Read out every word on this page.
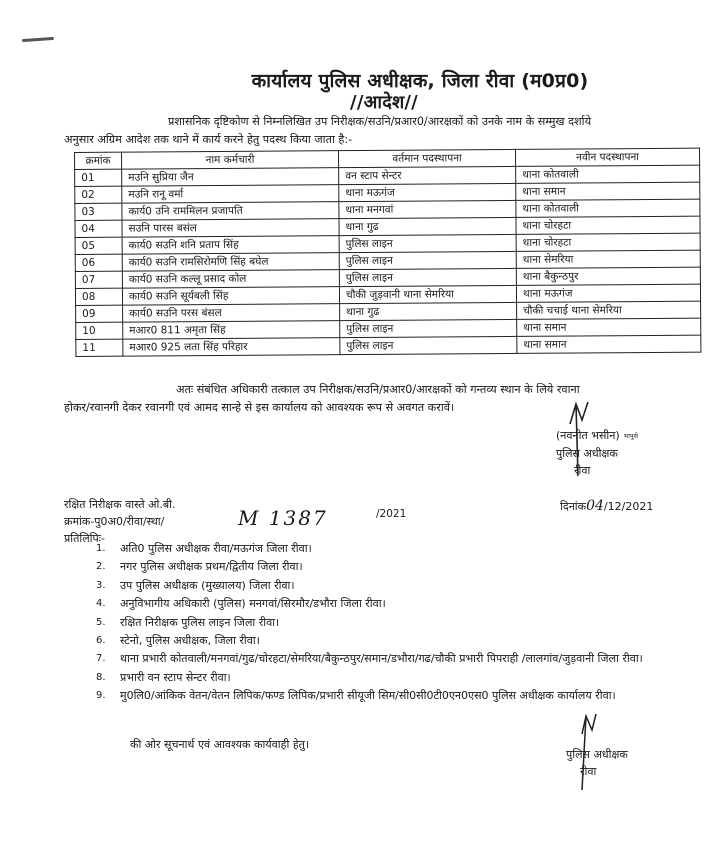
कार्यालय पुलिस अधीक्षक, जिला रीवा (म0प्र0)
//आदेश//
प्रशासनिक दृष्टिकोण से निम्नलिखित उप निरीक्षक/सउनि/प्रआर0/आरक्षकों को उनके नाम के सम्मुख दर्शाये
अनुसार अग्रिम आदेश तक थाने में कार्य करने हेतु पदस्थ किया जाता है:-
क्रमांक	नाम कर्मचारी	वर्तमान पदस्थापना	नवीन पदस्थापना
01	मउनि सुप्रिया जैन	वन स्टाप सेन्टर	थाना कोतवाली
02	मउनि रानू वर्मा	थाना मऊगंज	थाना समान
03	कार्य0 उनि राममिलन प्रजापति	थाना मनगवां	थाना कोतवाली
04	सउनि पारस बसंल	थाना गुढ	थाना चोरहटा
05	कार्य0 सउनि शनि प्रताप सिंह	पुलिस लाइन	थाना चोरहटा
06	कार्य0 सउनि रामसिरोमणि सिंह बघेल	पुलिस लाइन	थाना सेमरिया
07	कार्य0 सउनि कल्लू प्रसाद कोल	पुलिस लाइन	थाना बैकुन्ठपुर
08	कार्य0 सउनि सूर्यबली सिंह	चौकी जुड़वानी थाना सेमरिया	थाना मऊगंज
09	कार्य0 सउनि परस बंसल	थाना गुढ	चौकी चचाई थाना सेमरिया
10	मआर0 811 अमृता सिंह	पुलिस लाइन	थाना समान
11	मआर0 925 लता सिंह परिहार	पुलिस लाइन	थाना समान
अतः संबंधित अधिकारी तत्काल उप निरीक्षक/सउनि/प्रआर0/आरक्षकों को गन्तव्य स्थान के लिये रवाना
होकर/रवानगी देकर रवानगी एवं आमद सान्हे से इस कार्यालय को आवश्यक रूप से अवगत करावें।
(नवनीत भसीन) भापुसे
पुलिस अधीक्षक
रीवा
रक्षित निरीक्षक वास्ते ओ.बी.
क्रमांक-पु0अ0/रीवा/स्था/	M 1387	/2021
दिनांक04/12/2021
प्रतिलिपिः-
1. अति0 पुलिस अधीक्षक रीवा/मऊगंज जिला रीवा।
2. नगर पुलिस अधीक्षक प्रथम/द्वितीय जिला रीवा।
3. उप पुलिस अधीक्षक (मुख्यालय) जिला रीवा।
4. अनुविभागीय अधिकारी (पुलिस) मनगवां/सिरमौर/डभौरा जिला रीवा।
5. रक्षित निरीक्षक पुलिस लाइन जिला रीवा।
6. स्टेनो, पुलिस अधीक्षक, जिला रीवा।
7. थाना प्रभारी कोतवाली/मनगवां/गुढ/चोरहटा/सेमरिया/बैकुन्ठपुर/समान/डभौरा/गढ/चौकी प्रभारी पिपराही /लालगांव/जुड़वानी जिला रीवा।
8. प्रभारी वन स्टाप सेन्टर रीवा।
9. मु0लि0/आंकिक वेतन/वेतन लिपिक/फण्ड लिपिक/प्रभारी सीयूजी सिम/सी0सी0टी0एन0एस0 पुलिस अधीक्षक कार्यालय रीवा।
की ओर सूचनार्थ एवं आवश्यक कार्यवाही हेतु।
पुलिस अधीक्षक
रीवा
